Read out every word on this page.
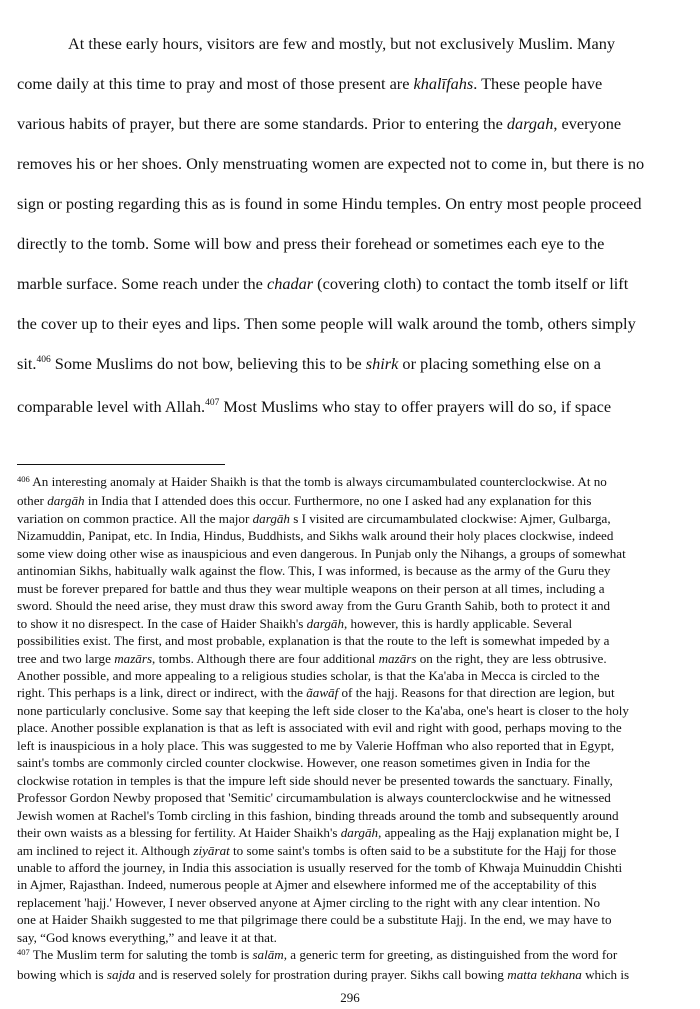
At these early hours, visitors are few and mostly, but not exclusively Muslim. Many
come daily at this time to pray and most of those present are khalīfahs. These people have
various habits of prayer, but there are some standards. Prior to entering the dargah, everyone
removes his or her shoes. Only menstruating women are expected not to come in, but there is no
sign or posting regarding this as is found in some Hindu temples. On entry most people proceed
directly to the tomb. Some will bow and press their forehead or sometimes each eye to the
marble surface. Some reach under the chadar (covering cloth) to contact the tomb itself or lift
the cover up to their eyes and lips. Then some people will walk around the tomb, others simply
sit.$^{406}$ Some Muslims do not bow, believing this to be shirk or placing something else on a
comparable level with Allah.$^{407}$ Most Muslims who stay to offer prayers will do so, if space
$^{406}$ An interesting anomaly at Haider Shaikh is that the tomb is always circumambulated counterclockwise. At no
other dargāh in India that I attended does this occur. Furthermore, no one I asked had any explanation for this
variation on common practice. All the major dargāh s I visited are circumambulated clockwise: Ajmer, Gulbarga,
Nizamuddin, Panipat, etc. In India, Hindus, Buddhists, and Sikhs walk around their holy places clockwise, indeed
some view doing other wise as inauspicious and even dangerous. In Punjab only the Nihangs, a groups of somewhat
antinomian Sikhs, habitually walk against the flow. This, I was informed, is because as the army of the Guru they
must be forever prepared for battle and thus they wear multiple weapons on their person at all times, including a
sword. Should the need arise, they must draw this sword away from the Guru Granth Sahib, both to protect it and
to show it no disrespect. In the case of Haider Shaikh's dargāh, however, this is hardly applicable. Several
possibilities exist. The first, and most probable, explanation is that the route to the left is somewhat impeded by a
tree and two large mazārs, tombs. Although there are four additional mazārs on the right, they are less obtrusive.
Another possible, and more appealing to a religious studies scholar, is that the Ka'aba in Mecca is circled to the
right. This perhaps is a link, direct or indirect, with the ãawāf of the hajj. Reasons for that direction are legion, but
none particularly conclusive. Some say that keeping the left side closer to the Ka'aba, one's heart is closer to the holy
place. Another possible explanation is that as left is associated with evil and right with good, perhaps moving to the
left is inauspicious in a holy place. This was suggested to me by Valerie Hoffman who also reported that in Egypt,
saint's tombs are commonly circled counter clockwise. However, one reason sometimes given in India for the
clockwise rotation in temples is that the impure left side should never be presented towards the sanctuary. Finally,
Professor Gordon Newby proposed that 'Semitic' circumambulation is always counterclockwise and he witnessed
Jewish women at Rachel's Tomb circling in this fashion, binding threads around the tomb and subsequently around
their own waists as a blessing for fertility. At Haider Shaikh's dargāh, appealing as the Hajj explanation might be, I
am inclined to reject it. Although ziyārat to some saint's tombs is often said to be a substitute for the Hajj for those
unable to afford the journey, in India this association is usually reserved for the tomb of Khwaja Muinuddin Chishti
in Ajmer, Rajasthan. Indeed, numerous people at Ajmer and elsewhere informed me of the acceptability of this
replacement 'hajj.' However, I never observed anyone at Ajmer circling to the right with any clear intention. No
one at Haider Shaikh suggested to me that pilgrimage there could be a substitute Hajj. In the end, we may have to
say, “God knows everything,” and leave it at that.
$^{407}$ The Muslim term for saluting the tomb is salām, a generic term for greeting, as distinguished from the word for
bowing which is sajda and is reserved solely for prostration during prayer. Sikhs call bowing matta tekhana which is
296
